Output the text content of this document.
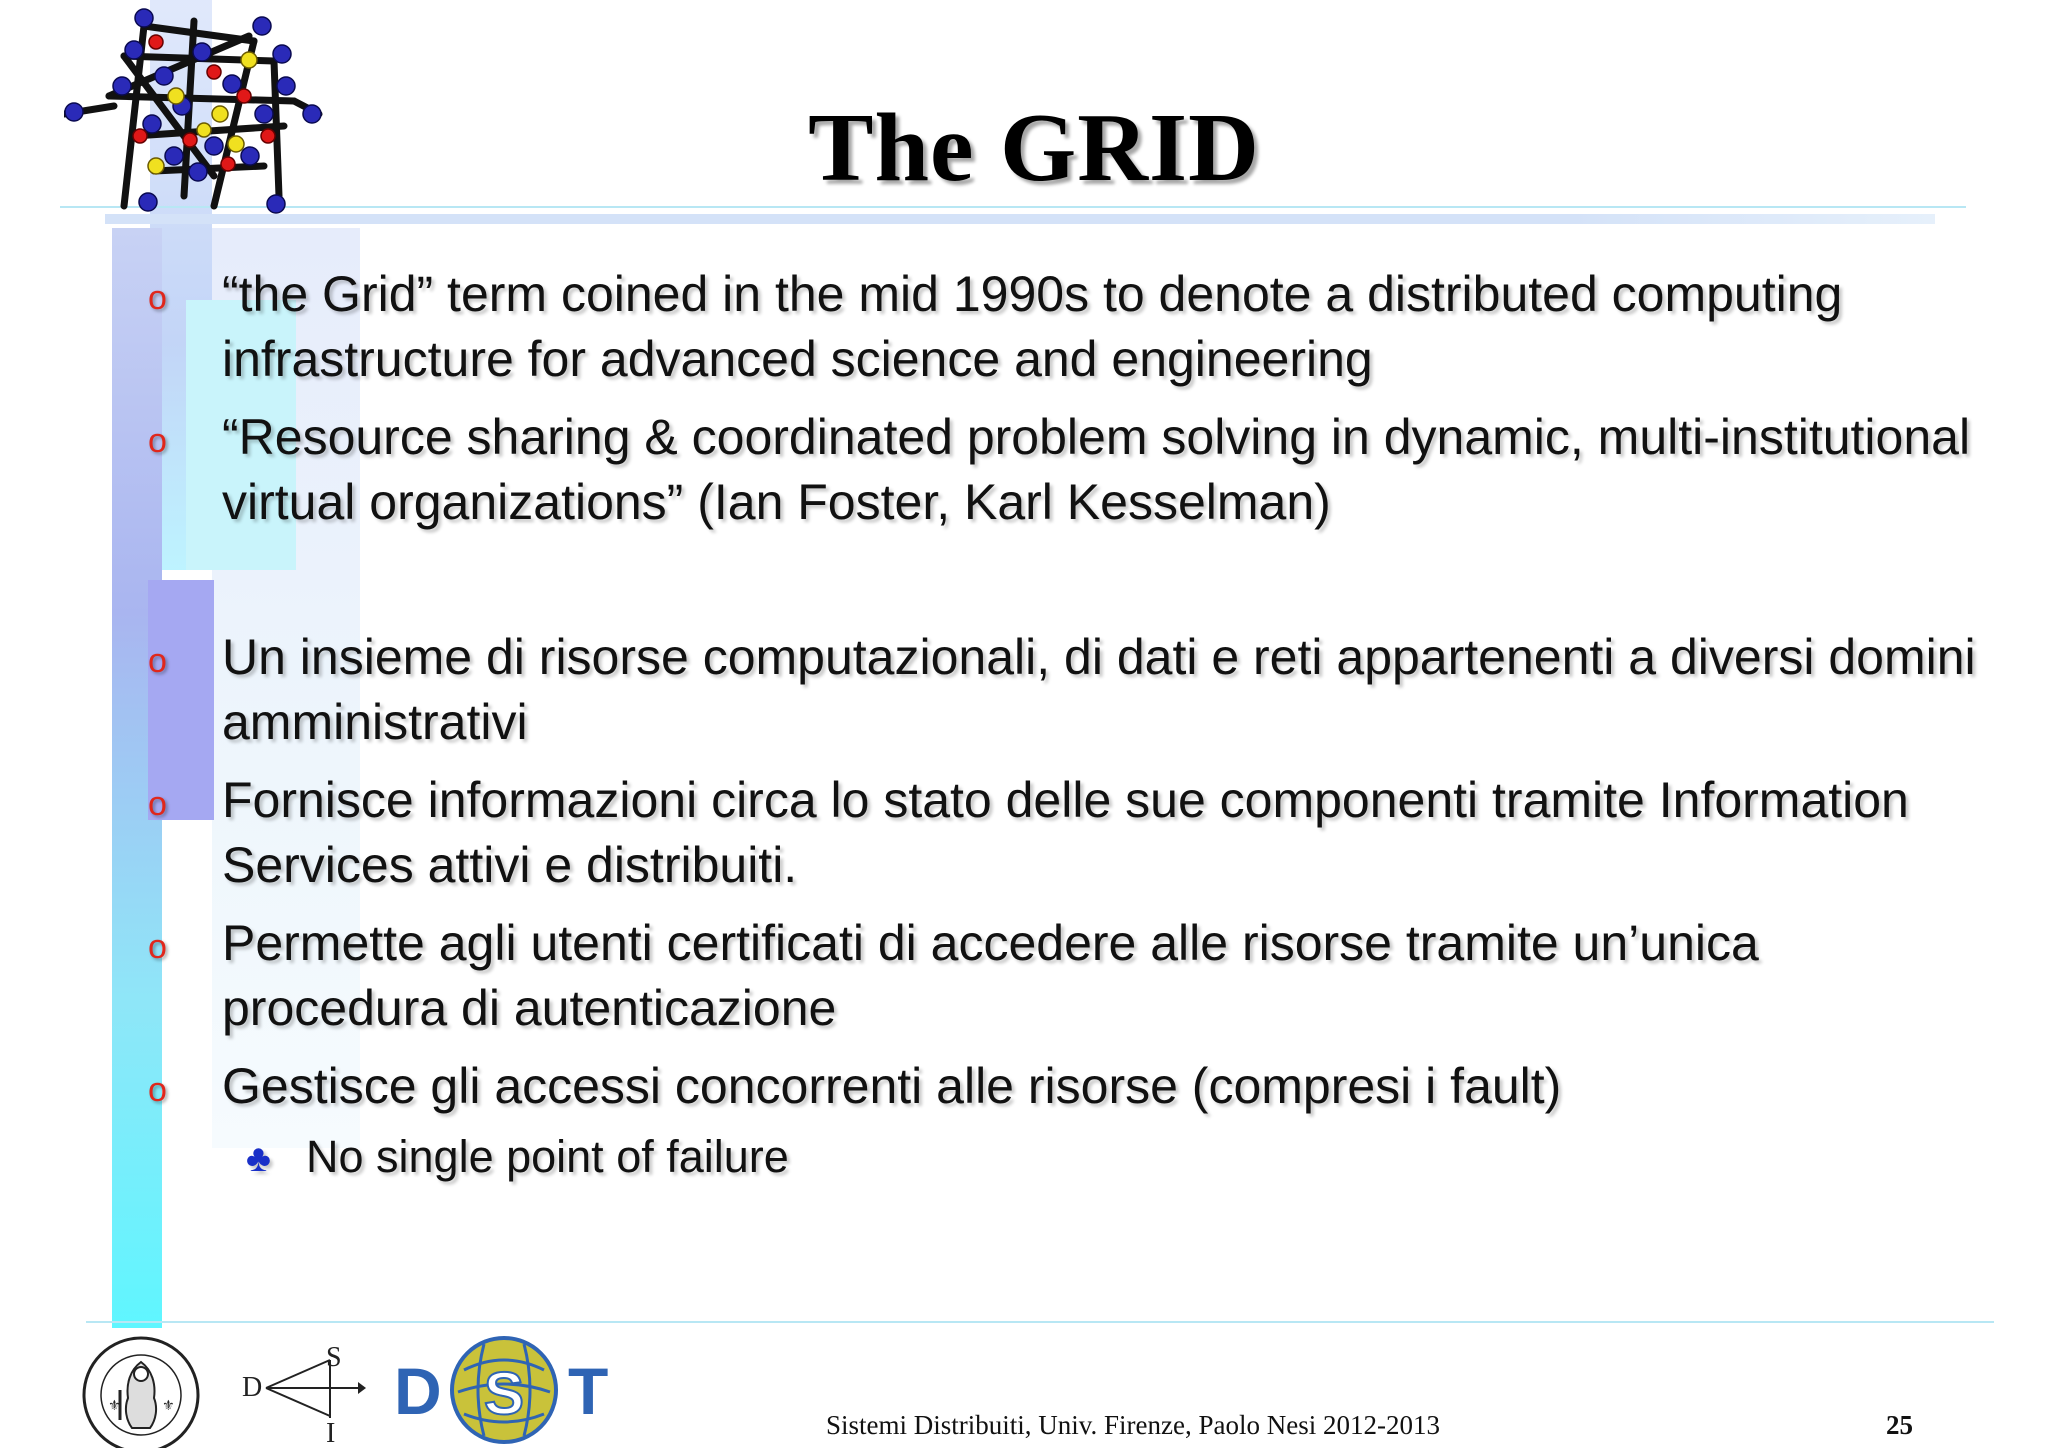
The GRID
o “the Grid” term coined in the mid 1990s to denote a distributed computing infrastructure for advanced science and engineering
o “Resource sharing & coordinated problem solving in dynamic, multi-institutional virtual organizations” (Ian Foster, Karl Kesselman)
o Un insieme di risorse computazionali, di dati e reti appartenenti a diversi domini amministrativi
o Fornisce informazioni circa lo stato delle sue componenti tramite Information Services attivi e distribuiti.
o Permette agli utenti certificati di accedere alle risorse tramite un’unica procedura di autenticazione
o Gestisce gli accessi concorrenti alle risorse (compresi i fault)
♣ No single point of failure
⚜	⚜
D
S
I
D S T	Sistemi Distribuiti, Univ. Firenze, Paolo Nesi 2012-2013	25
